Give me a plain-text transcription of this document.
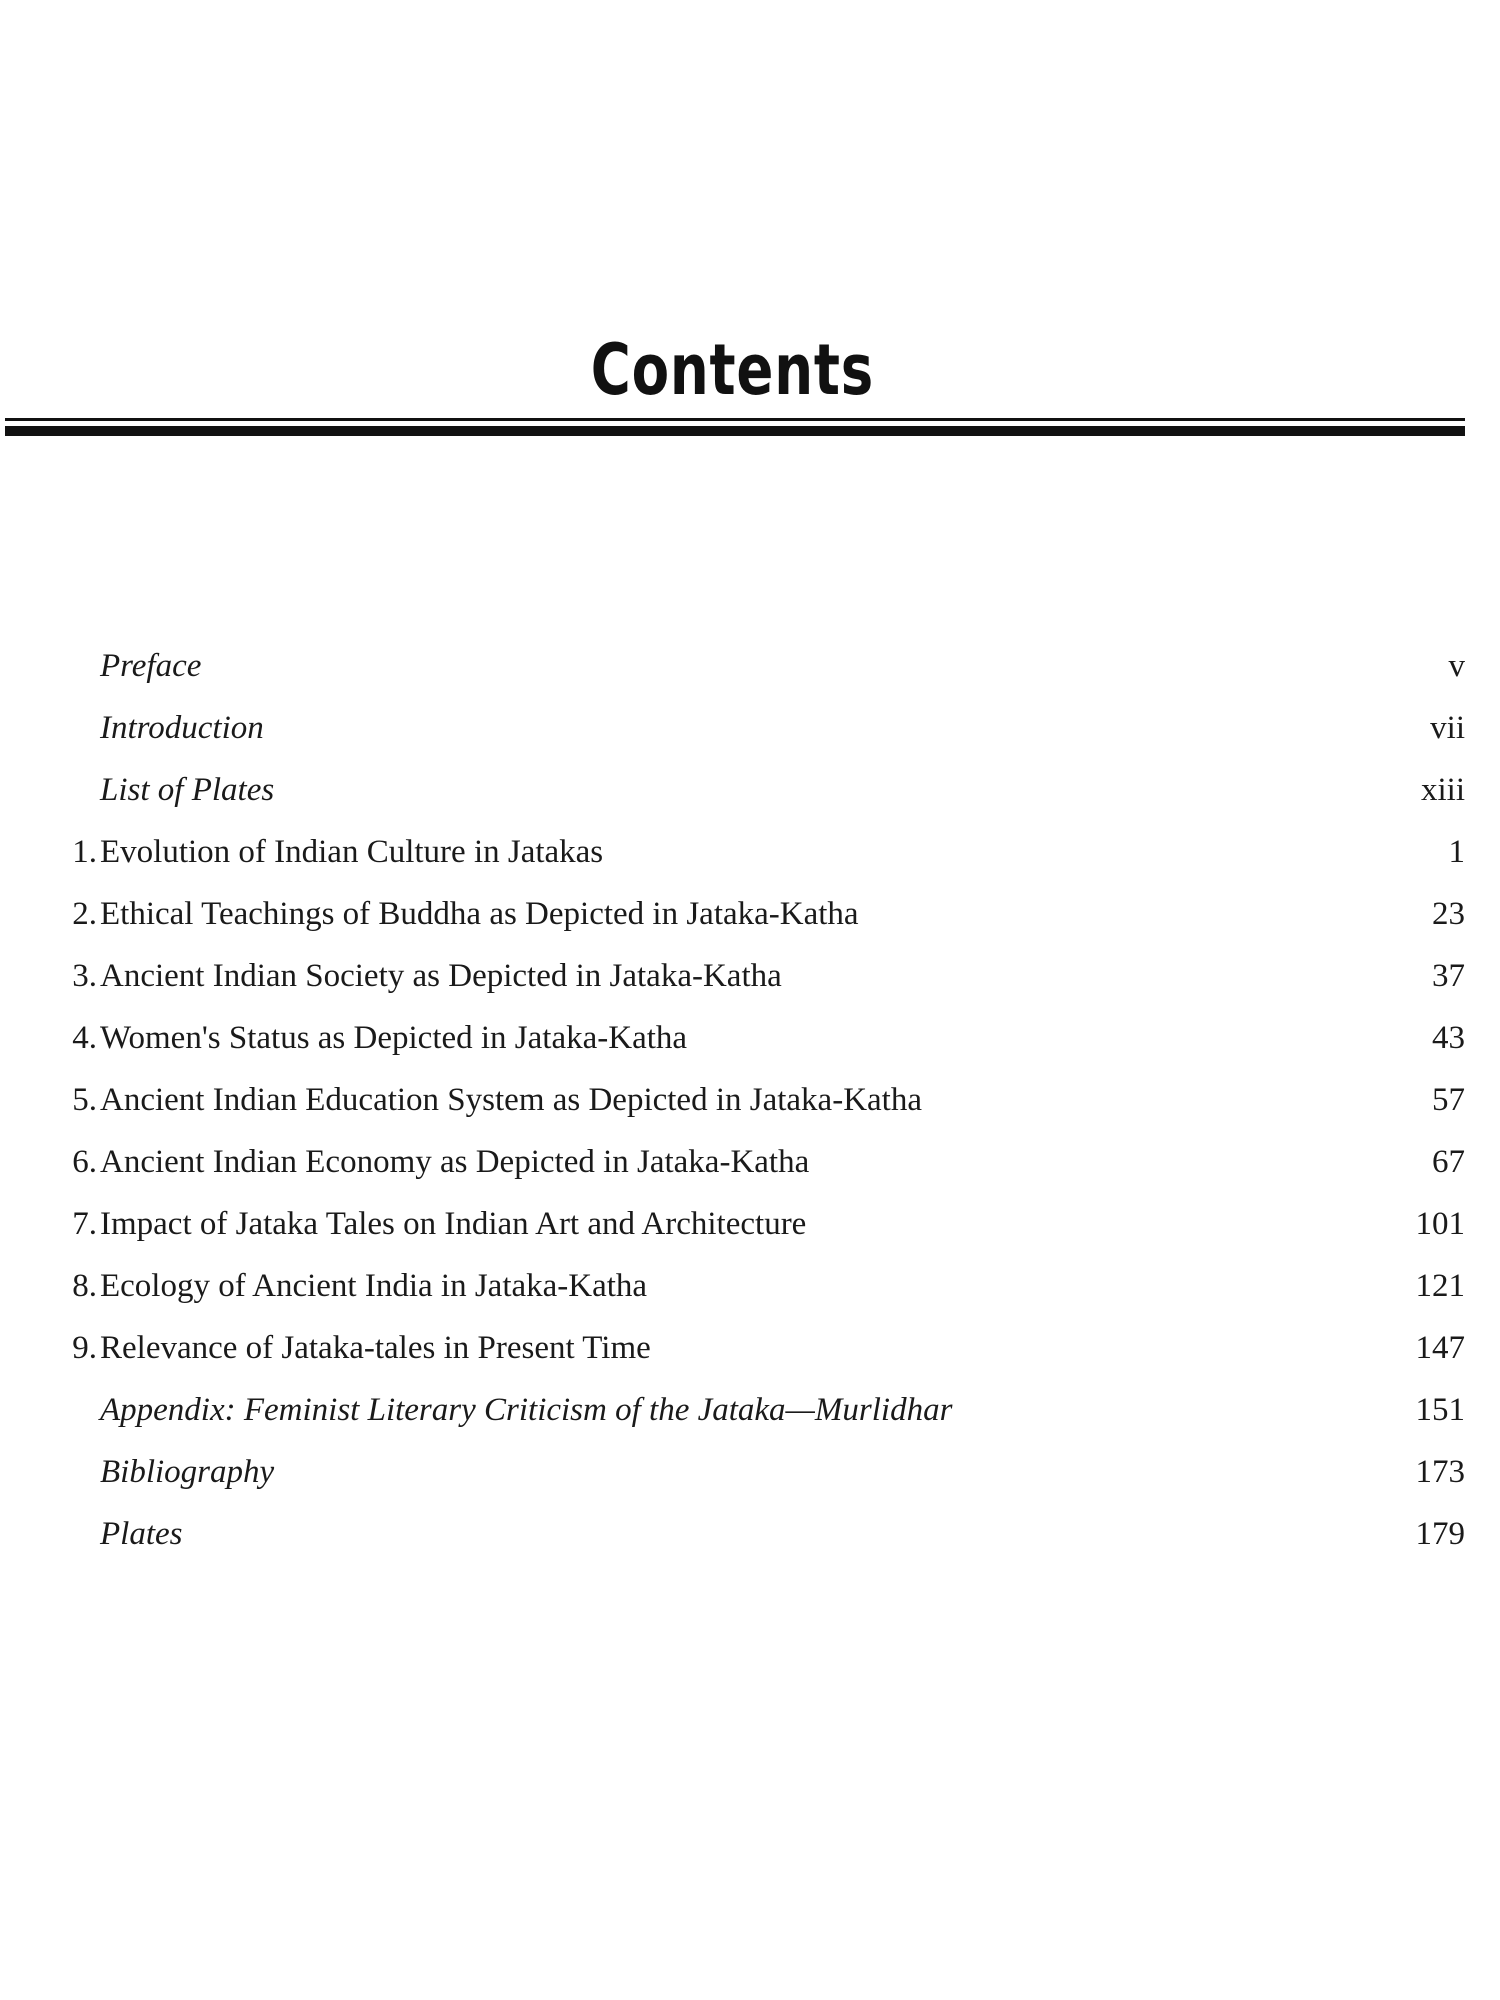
Contents
Preface	v
Introduction	vii
List of Plates	xiii
1. Evolution of Indian Culture in Jatakas	1
2. Ethical Teachings of Buddha as Depicted in Jataka-Katha	23
3. Ancient Indian Society as Depicted in Jataka-Katha	37
4. Women's Status as Depicted in Jataka-Katha	43
5. Ancient Indian Education System as Depicted in Jataka-Katha	57
6. Ancient Indian Economy as Depicted in Jataka-Katha	67
7. Impact of Jataka Tales on Indian Art and Architecture	101
8. Ecology of Ancient India in Jataka-Katha	121
9. Relevance of Jataka-tales in Present Time	147
Appendix: Feminist Literary Criticism of the Jataka—Murlidhar	151
Bibliography	173
Plates	179
